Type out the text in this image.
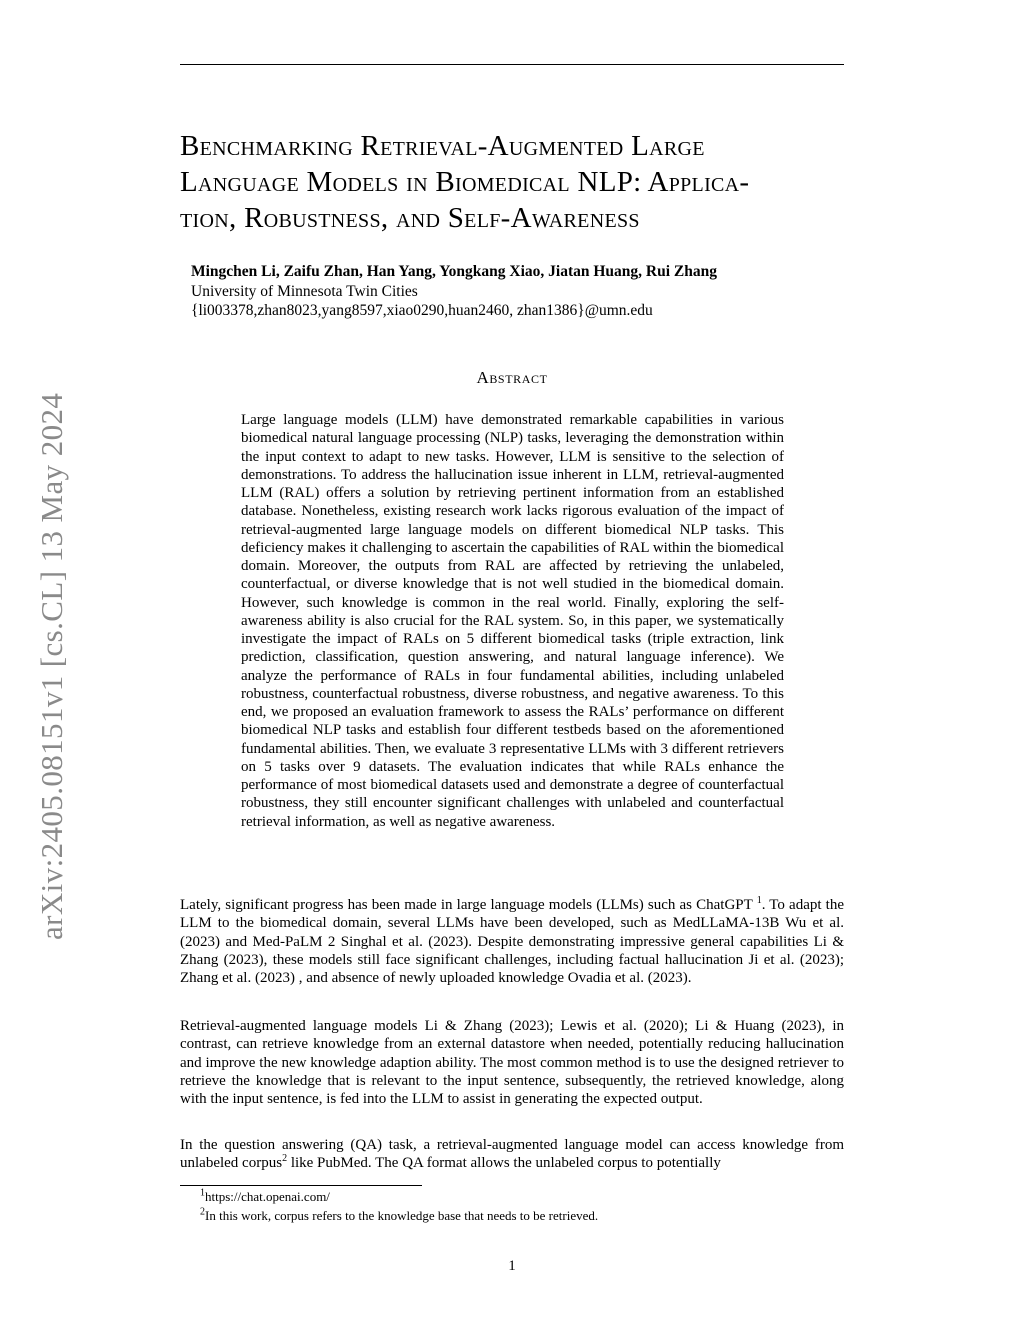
Benchmarking Retrieval-Augmented Large
Language Models in Biomedical NLP: Applica-
tion, Robustness, and Self-Awareness
Mingchen Li, Zaifu Zhan, Han Yang, Yongkang Xiao, Jiatan Huang, Rui Zhang
University of Minnesota Twin Cities
{li003378,zhan8023,yang8597,xiao0290,huan2460, zhan1386}@umn.edu
arXiv:2405.08151v1 [cs.CL] 13 May 2024
Abstract

Large language models (LLM) have demonstrated remarkable capabilities in various biomedical natural language processing (NLP) tasks, leveraging the demonstration within the input context to adapt to new tasks. However, LLM is sensitive to the selection of demonstrations. To address the hallucination issue inherent in LLM, retrieval-augmented LLM (RAL) offers a solution by retrieving pertinent information from an established database. Nonetheless, existing research work lacks rigorous evaluation of the impact of retrieval-augmented large language models on different biomedical NLP tasks. This deficiency makes it challenging to ascertain the capabilities of RAL within the biomedical domain. Moreover, the outputs from RAL are affected by retrieving the unlabeled, counterfactual, or diverse knowledge that is not well studied in the biomedical domain. However, such knowledge is common in the real world. Finally, exploring the self-awareness ability is also crucial for the RAL system. So, in this paper, we systematically investigate the impact of RALs on 5 different biomedical tasks (triple extraction, link prediction, classification, question answering, and natural language inference). We analyze the performance of RALs in four fundamental abilities, including unlabeled robustness, counterfactual robustness, diverse robustness, and negative awareness. To this end, we proposed an evaluation framework to assess the RALs’ performance on different biomedical NLP tasks and establish four different testbeds based on the aforementioned fundamental abilities. Then, we evaluate 3 representative LLMs with 3 different retrievers on 5 tasks over 9 datasets. The evaluation indicates that while RALs enhance the performance of most biomedical datasets used and demonstrate a degree of counterfactual robustness, they still encounter significant challenges with unlabeled and counterfactual retrieval information, as well as negative awareness.

Lately, significant progress has been made in large language models (LLMs) such as ChatGPT $^1$. To adapt the LLM to the biomedical domain, several LLMs have been developed, such as MedLLaMA-13B Wu et al. (2023) and Med-PaLM 2 Singhal et al. (2023). Despite demonstrating impressive general capabilities Li & Zhang (2023), these models still face significant challenges, including factual hallucination Ji et al. (2023); Zhang et al. (2023) , and absence of newly uploaded knowledge Ovadia et al. (2023).

Retrieval-augmented language models Li & Zhang (2023); Lewis et al. (2020); Li & Huang (2023), in contrast, can retrieve knowledge from an external datastore when needed, potentially reducing hallucination and improve the new knowledge adaption ability. The most common method is to use the designed retriever to retrieve the knowledge that is relevant to the input sentence, subsequently, the retrieved knowledge, along with the input sentence, is fed into the LLM to assist in generating the expected output.

In the question answering (QA) task, a retrieval-augmented language model can access knowledge from unlabeled corpus$^2$ like PubMed. The QA format allows the unlabeled corpus to potentially

$^1$https://chat.openai.com/
$^2$In this work, corpus refers to the knowledge base that needs to be retrieved.
1
